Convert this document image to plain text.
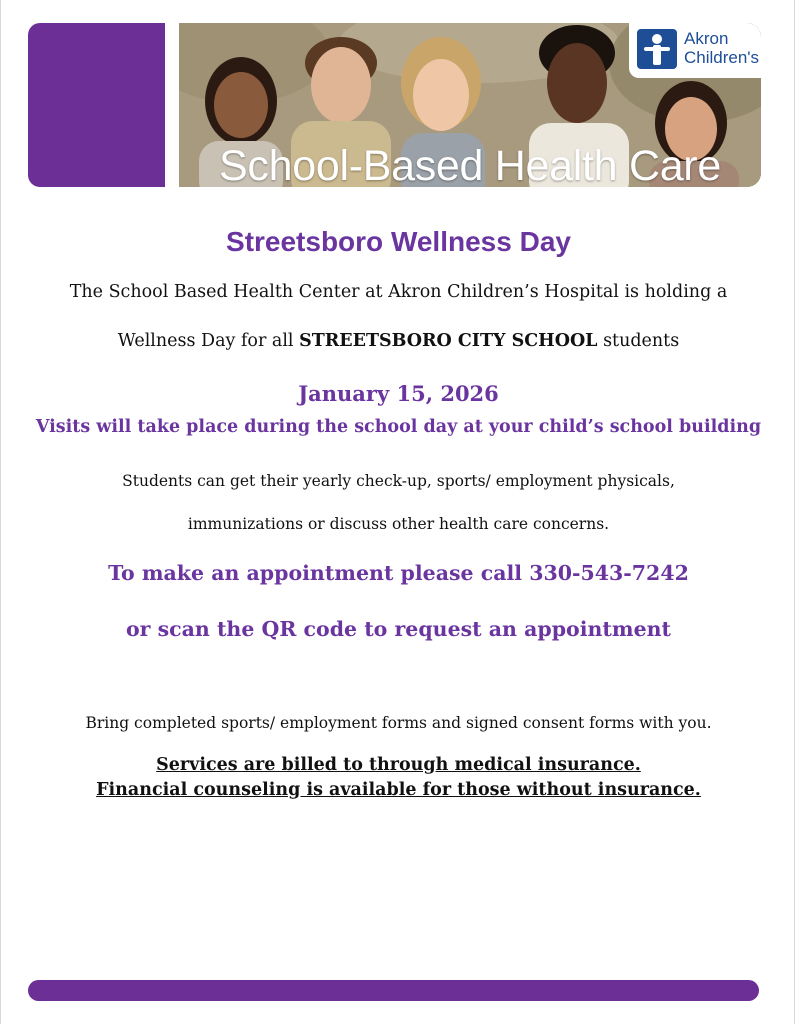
School-Based Health Care
Akron
Children's
Streetsboro Wellness Day
The School Based Health Center at Akron Children’s Hospital is holding a
Wellness Day for all STREETSBORO CITY SCHOOL students
January 15, 2026
Visits will take place during the school day at your child’s school building
Students can get their yearly check-up, sports/ employment physicals,
immunizations or discuss other health care concerns.
To make an appointment please call 330-543-7242
or scan the QR code to request an appointment
Bring completed sports/ employment forms and signed consent forms with you.
Services are billed to through medical insurance.
Financial counseling is available for those without insurance.
